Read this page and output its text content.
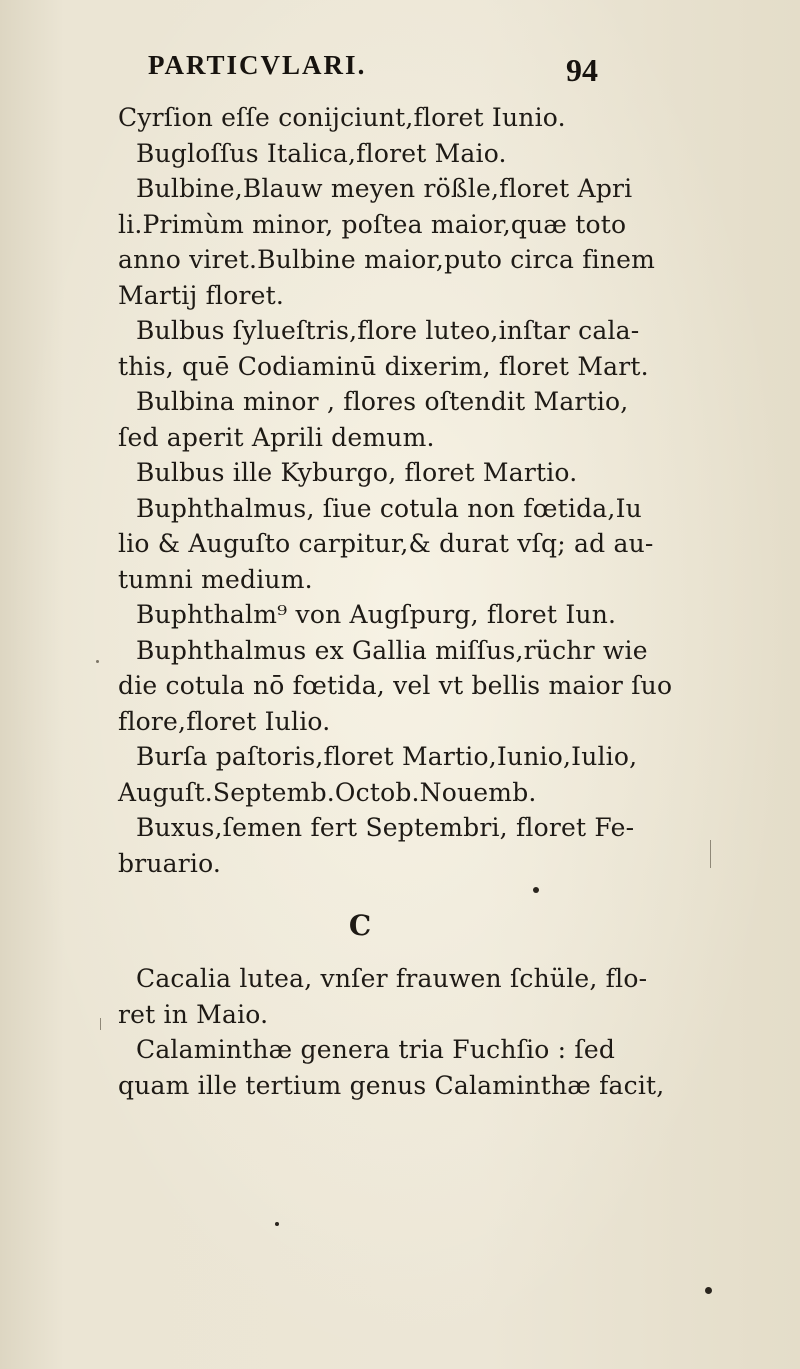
PARTICVLARI.	94
Cyrſion eſſe conijciunt,floret Iunio.
Bugloſſus Italica,floret Maio.
Bulbine,Blauw meyen rößle,floret Apri
li.Primùm minor, poſtea maior,quæ toto
anno viret.Bulbine maior,puto circa finem
Martij floret.
Bulbus ſylueſtris,flore luteo,inſtar cala-
this, quē Codiaminū dixerim, floret Mart.
Bulbina minor , flores oſtendit Martio,
ſed aperit Aprili demum.
Bulbus ille Kyburgo, floret Martio.
Buphthalmus, ſiue cotula non fœtida,Iu
lio & Auguſto carpitur,& durat vſq; ad au-
tumni medium.
Buphthalm⁹ von Augſpurg, floret Iun.
Buphthalmus ex Gallia miſſus,rüchr wie
die cotula nō fœtida, vel vt bellis maior ſuo
flore,floret Iulio.
Burſa paſtoris,floret Martio,Iunio,Iulio,
Auguſt.Septemb.Octob.Nouemb.
Buxus,ſemen fert Septembri, floret Fe-
bruario.
C
Cacalia lutea, vnſer frauwen ſchüle, flo-
ret in Maio.
Calaminthæ genera tria Fuchſio : ſed
quam ille tertium genus Calaminthæ facit,
